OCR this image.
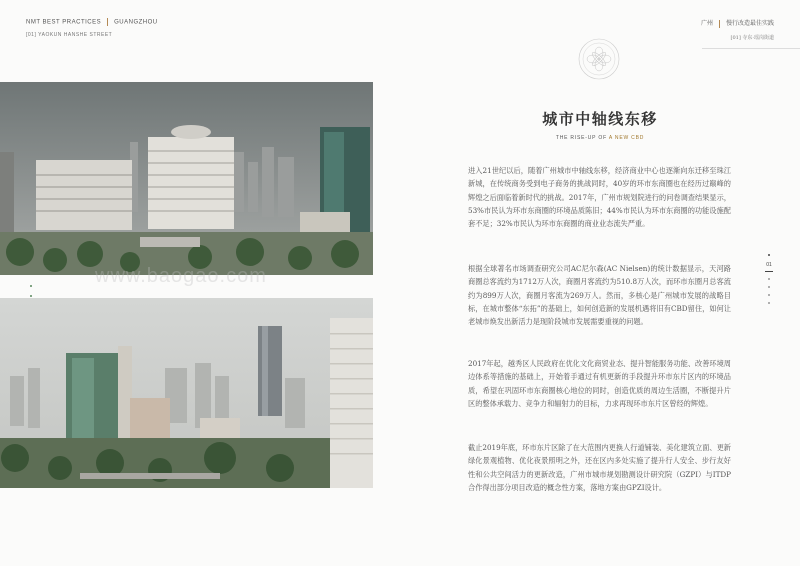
NMT BEST PRACTICES GUANGZHOU
[01] YAOKUN HANSHE STREET
广州 慢行改造最佳实践
[01] 寺东·瑶岗街道
www.baogao.com
城市中轴线东移
THE RISE-UP OF A NEW CBD

进入21世纪以后，随着广州城市中轴线东移，经济商业中心也逐渐向东迁移至珠江新城，在传统商务受到电子商务的挑战同时，40岁的环市东商圈也在经历过巅峰的辉煌之后面临着新时代的挑战。2017年，广州市规划院进行的问卷调查结果显示，53%市民认为环市东商圈的环境品质陈旧；44%市民认为环市东商圈的功能设施配套不足；32%市民认为环市东商圈的商业业态流失严重。

根据全球著名市场调查研究公司AC尼尔森(AC Nielsen)的统计数据显示，天河路商圈总客流约为1712万人次，商圈月客流约为510.8万人次，而环市东圈月总客流约为899万人次，商圈月客流为269万人。然而，多核心是广州城市发展的战略目标，在城市整体“东拓”的基础上，如何创造新的发展机遇将旧有CBD留住，如何让老城市焕发出新活力是现阶段城市发展需要重视的问题。

2017年起，越秀区人民政府在优化文化商贸业态、提升智能服务功能、改善环境周边体系等措施的基础上，开始着手通过有机更新的手段提升环市东片区内的环境品质，希望在巩固环市东商圈核心地位的同时，创造优质的周边生活圈，不断提升片区的整体承载力、竞争力和辐射力的目标，力求再现环市东片区曾经的辉煌。

截止2019年底，环市东片区除了在大范围内更换人行道铺装、美化建筑立面、更新绿化景观植物、优化夜景照明之外，还在区内多处实施了提升行人安全、步行友好性和公共空间活力的更新改造，广州市城市规划勘测设计研究院（GZPI）与ITDP合作得出部分项目改造的概念性方案，落地方案由GPZI设计。

01
